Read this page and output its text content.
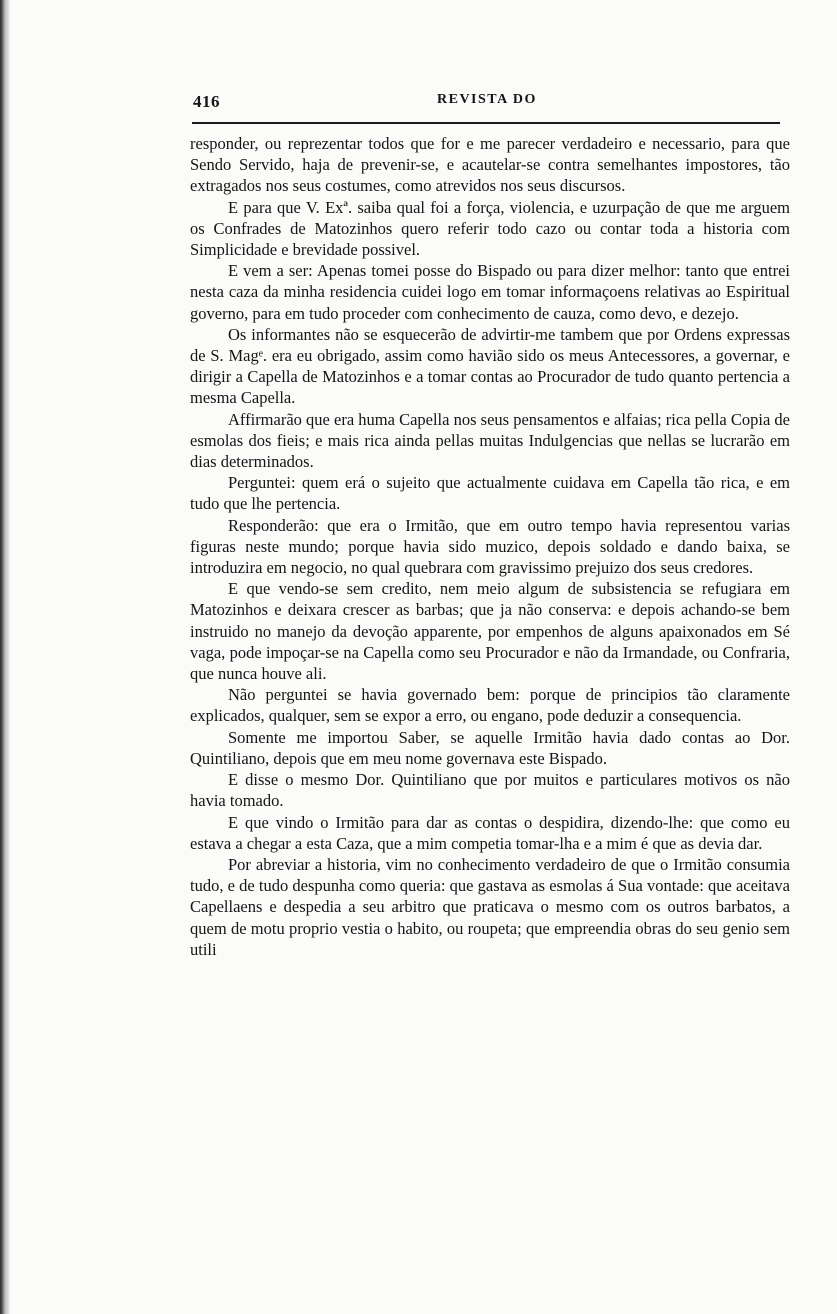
416	REVISTA DO

responder, ou reprezentar todos que for e me parecer verdadeiro e necessario, para que Sendo Servido, haja de prevenir-se, e acautelar-se contra semelhantes impostores, tão extragados nos seus costumes, como atrevidos nos seus discursos.

E para que V. Exª. saiba qual foi a força, violencia, e uzurpação de que me arguem os Confrades de Matozinhos quero referir todo cazo ou contar toda a historia com Simplicidade e brevidade possivel.

E vem a ser: Apenas tomei posse do Bispado ou para dizer melhor: tanto que entrei nesta caza da minha residencia cuidei logo em tomar informaçoens relativas ao Espiritual governo, para em tudo proceder com conhecimento de cauza, como devo, e dezejo.

Os informantes não se esquecerão de advirtir-me tambem que por Ordens expressas de S. Magᵉ. era eu obrigado, assim como havião sido os meus Antecessores, a governar, e dirigir a Capella de Matozinhos e a tomar contas ao Procurador de tudo quanto pertencia a mesma Capella.

Affirmarão que era huma Capella nos seus pensamentos e alfaias; rica pella Copia de esmolas dos fieis; e mais rica ainda pellas muitas Indulgencias que nellas se lucrarão em dias determinados.

Perguntei: quem erá o sujeito que actualmente cuidava em Capella tão rica, e em tudo que lhe pertencia.

Responderão: que era o Irmitão, que em outro tempo havia representou varias figuras neste mundo; porque havia sido muzico, depois soldado e dando baixa, se introduzira em negocio, no qual quebrara com gravissimo prejuizo dos seus credores.

E que vendo-se sem credito, nem meio algum de subsistencia se refugiara em Matozinhos e deixara crescer as barbas; que ja não conserva: e depois achando-se bem instruido no manejo da devoção apparente, por empenhos de alguns apaixonados em Sé vaga, pode impoçar-se na Capella como seu Procurador e não da Irmandade, ou Confraria, que nunca houve ali.

Não perguntei se havia governado bem: porque de principios tão claramente explicados, qualquer, sem se expor a erro, ou engano, pode deduzir a consequencia.

Somente me importou Saber, se aquelle Irmitão havia dado contas ao Dor. Quintiliano, depois que em meu nome governava este Bispado.

E disse o mesmo Dor. Quintiliano que por muitos e particulares motivos os não havia tomado.

E que vindo o Irmitão para dar as contas o despidira, dizendo-lhe: que como eu estava a chegar a esta Caza, que a mim competia tomar-lha e a mim é que as devia dar.

Por abreviar a historia, vim no conhecimento verdadeiro de que o Irmitão consumia tudo, e de tudo despunha como queria: que gastava as esmolas á Sua vontade: que aceitava Capellaens e despedia a seu arbitro que praticava o mesmo com os outros barbatos, a quem de motu proprio vestia o habito, ou roupeta; que empreendia obras do seu genio sem utili
